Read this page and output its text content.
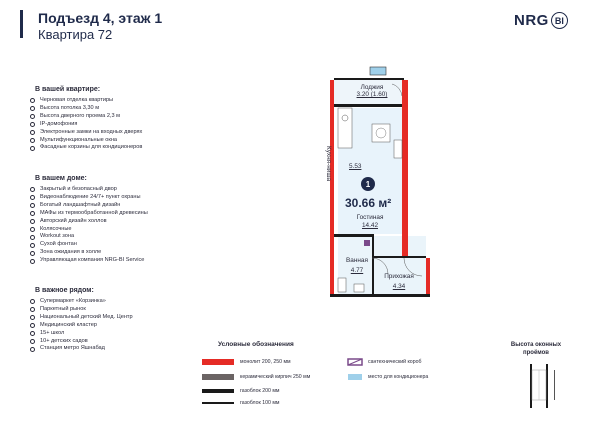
Подъезд 4, этаж 1
Квартира 72
NRG BI
В вашей квартире:
Черновая отделка квартиры
Высота потолка 3,30 м
Высота дверного проема 2,3 м
IP-домофония
Электронные замки на входных дверях
Мультифункциональные окна
Фасадные корзины для кондиционеров
В вашем доме:
Закрытый и безопасный двор
Видеонаблюдение 24/7+ пункт охраны
Богатый ландшафтный дизайн
МАФы из термообработанной древесины
Авторский дизайн холлов
Колясочные
Workout зона
Сухой фонтан
Зона ожидания в холле
Управляющая компания NRG-BI Service
В важное рядом:
Супермаркет «Корзинка»
Паркетный рынок
Национальный детский Мед. Центр
Медицинский кластер
15+ школ
10+ детских садов
Станция метро Яшнабад
Лоджия
3.20 (1.60)
Кухня-ниша	5.53
1
30.66 м²
Гостиная
14.42
Ванная
4.77
Прихожая
4.34
Условные обозначения
монолит 200, 250 мм
керамический кирпич 250 мм
газоблок 200 мм
газоблок 100 мм
сантехнический короб
место для кондиционера
Высота оконных
проёмов
